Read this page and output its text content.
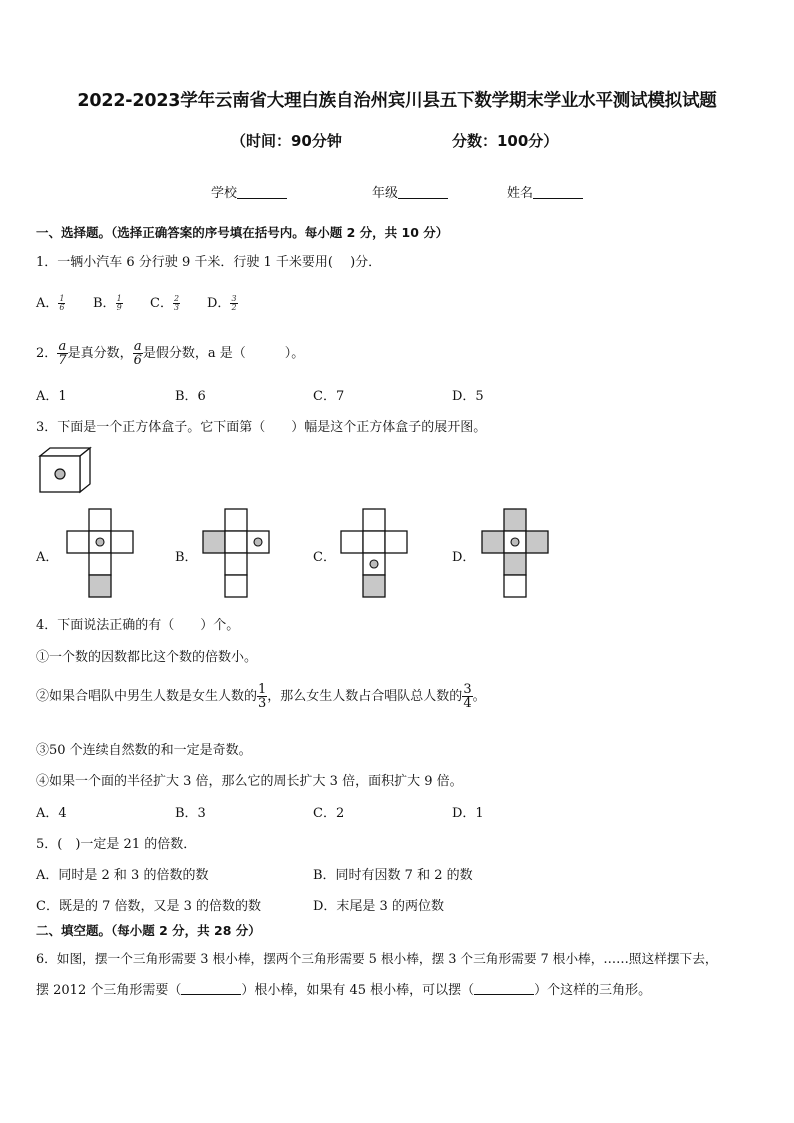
2022-2023学年云南省大理白族自治州宾川县五下数学期末学业水平测试模拟试题
（时间：90分钟	分数：100分）
学校	年级	姓名
一、选择题。（选择正确答案的序号填在括号内。每小题 2 分，共 10 分）
1．一辆小汽车 6 分行驶 9 千米．行驶 1 千米要用(　 )分．
A． $\frac{1}{6}$ B． $\frac{1}{9}$ C． $\frac{2}{3}$ D． $\frac{3}{2}$
2． $\frac{a}{7}$ 是真分数， $\frac{a}{6}$ 是假分数，a 是（　　　）。
A．1	B．6	C．7	D．5
3．下面是一个正方体盒子。它下面第（　　）幅是这个正方体盒子的展开图。
A．	B．	C．	D．
4．下面说法正确的有（　　）个。
①一个数的因数都比这个数的倍数小。
②如果合唱队中男生人数是女生人数的 $\frac{1}{3}$ ，那么女生人数占合唱队总人数的 $\frac{3}{4}$ 。
③50 个连续自然数的和一定是奇数。
④如果一个面的半径扩大 3 倍，那么它的周长扩大 3 倍，面积扩大 9 倍。
A．4	B．3	C．2	D．1
5．(　)一定是 21 的倍数．
A．同时是 2 和 3 的倍数的数	B．同时有因数 7 和 2 的数
C．既是的 7 倍数，又是 3 的倍数的数	D．末尾是 3 的两位数
二、填空题。（每小题 2 分，共 28 分）
6．如图，摆一个三角形需要 3 根小棒，摆两个三角形需要 5 根小棒，摆 3 个三角形需要 7 根小棒，……照这样摆下去，
摆 2012 个三角形需要（	）根小棒，如果有 45 根小棒，可以摆（	）个这样的三角形。
